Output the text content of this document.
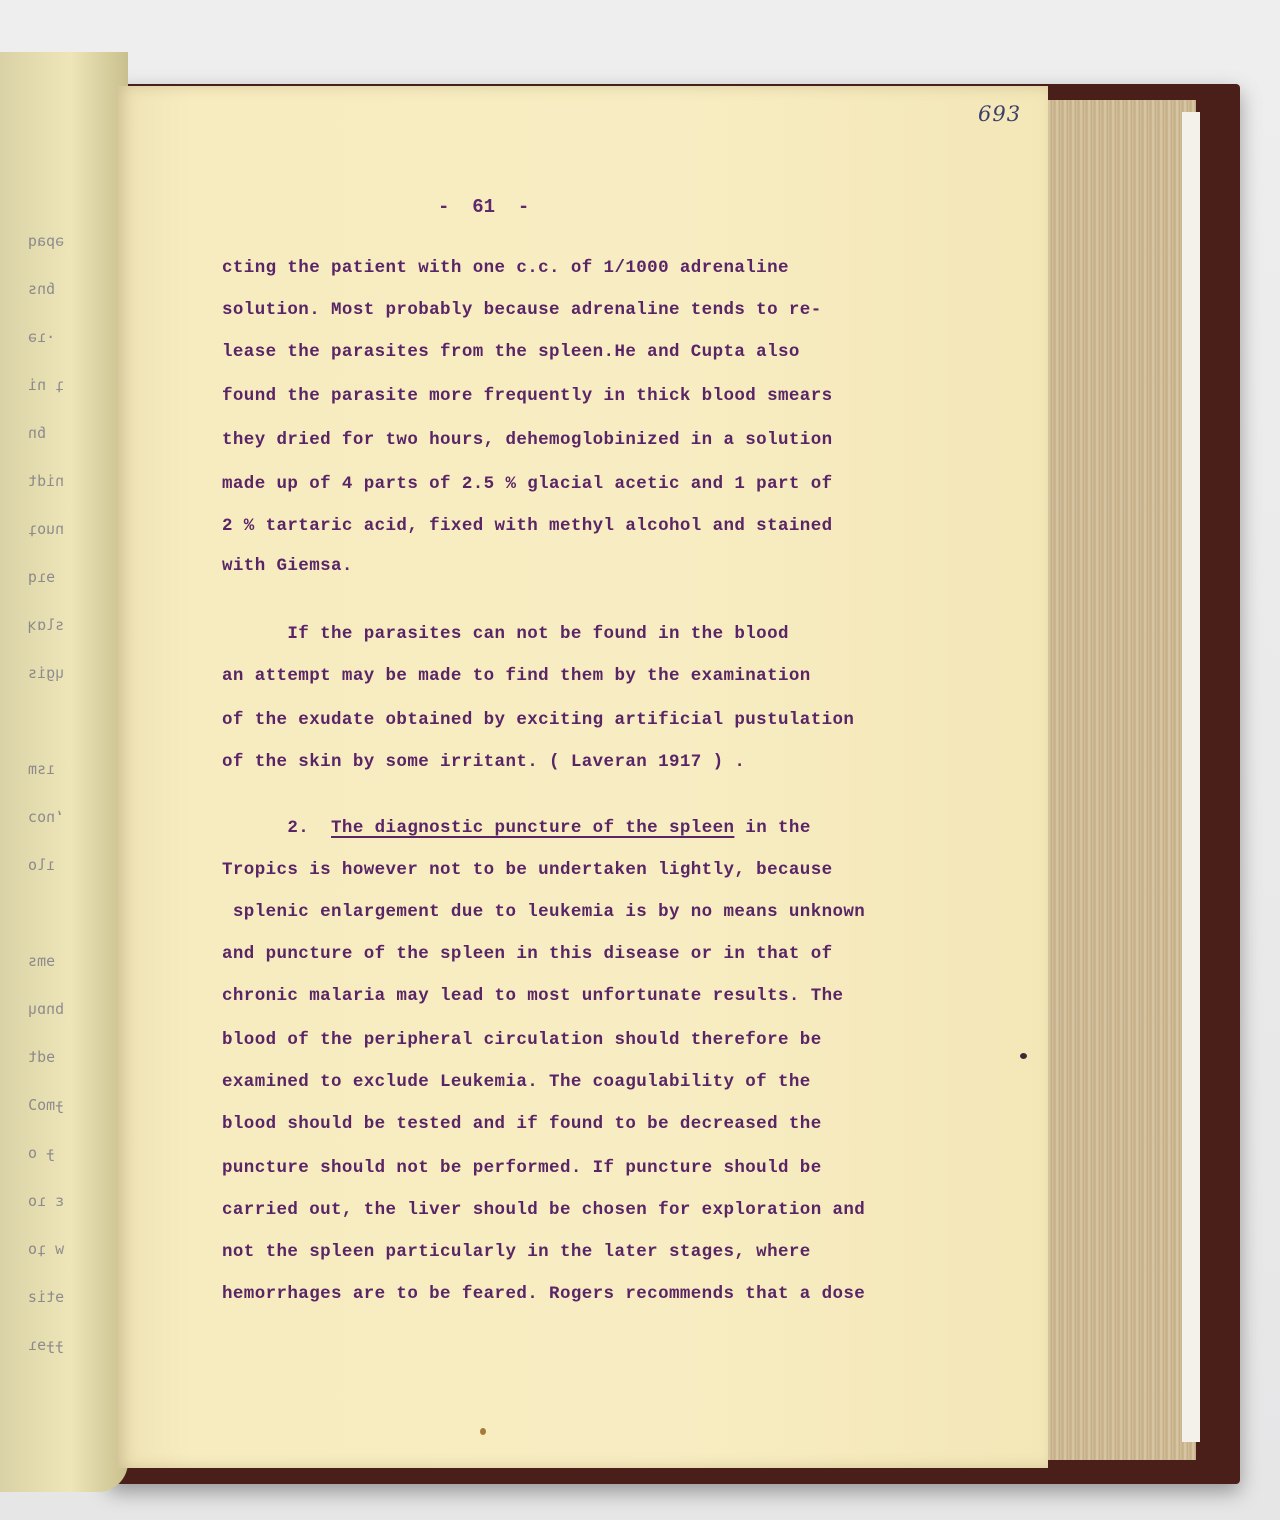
əpaq
ɓns
·ɿə
ʇ ni
ɓn
nidt
nuoʇ
ɘɿq
slɑʞ
ɥgis
ısm
ʻnoɔ
ılo
ɘms
bnɒɥ
ɘdt
ɟmoƆ
ɟ o
ɛ ɿo
w ʇo
ɘtiƨ
ɟɟɘɿ
693
-  61  -
cting the patient with one c.c. of 1/1000 adrenaline
solution. Most probably because adrenaline tends to re-
lease the parasites from the spleen.He and Cupta also
found the parasite more frequently in thick blood smears
they dried for two hours, dehemoglobinized in a solution
made up of 4 parts of 2.5 % glacial acetic and 1 part of
2 % tartaric acid, fixed with methyl alcohol and stained
with Giemsa.
If the parasites can not be found in the blood
an attempt may be made to find them by the examination
of the exudate obtained by exciting artificial pustulation
of the skin by some irritant. ( Laveran 1917 ) .
2.  The diagnostic puncture of the spleen in the
Tropics is however not to be undertaken lightly, because
splenic enlargement due to leukemia is by no means unknown
and puncture of the spleen in this disease or in that of
chronic malaria may lead to most unfortunate results. The
blood of the peripheral circulation should therefore be
examined to exclude Leukemia. The coagulability of the
blood should be tested and if found to be decreased the
puncture should not be performed. If puncture should be
carried out, the liver should be chosen for exploration and
not the spleen particularly in the later stages, where
hemorrhages are to be feared. Rogers recommends that a dose
